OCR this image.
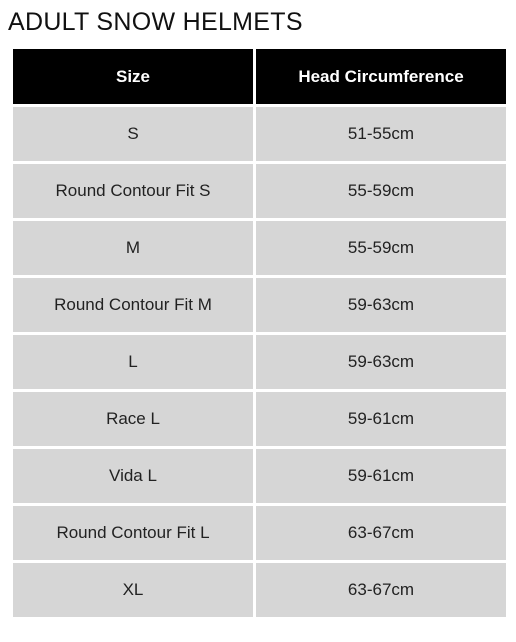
ADULT SNOW HELMETS
Size	Head Circumference
S	51-55cm
Round Contour Fit S	55-59cm
M	55-59cm
Round Contour Fit M	59-63cm
L	59-63cm
Race L	59-61cm
Vida L	59-61cm
Round Contour Fit L	63-67cm
XL	63-67cm
